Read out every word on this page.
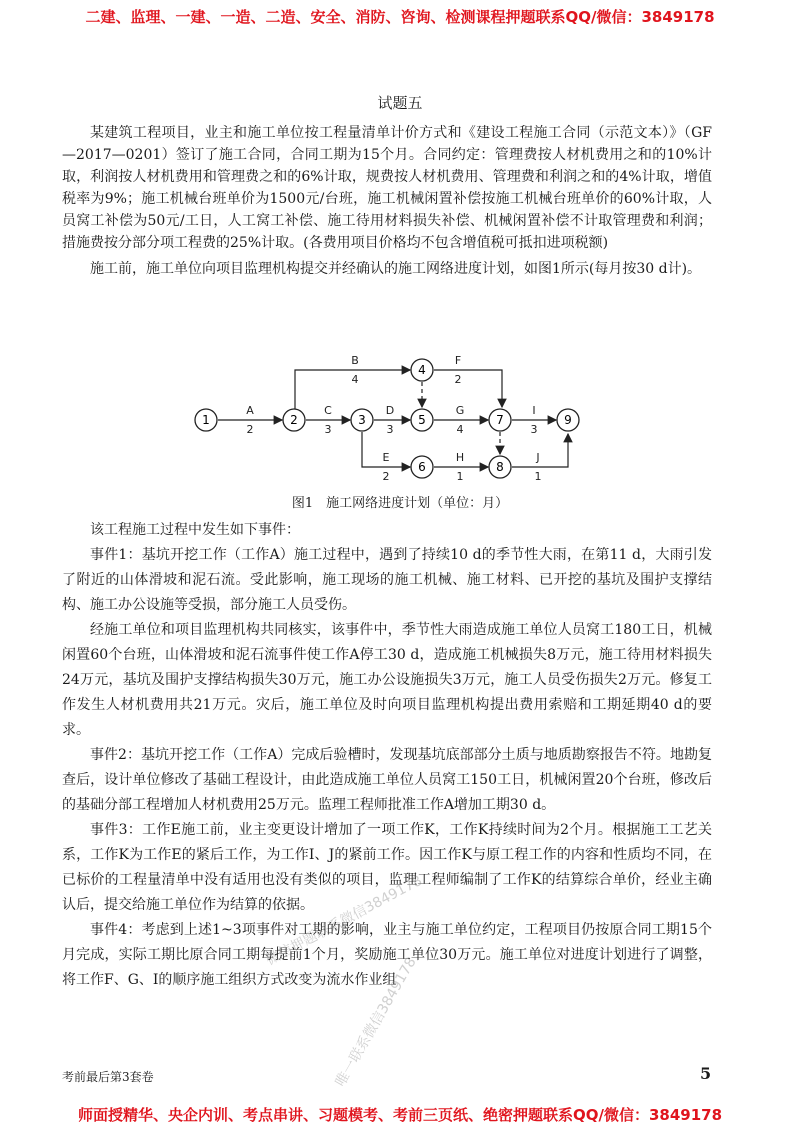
二建、监理、一建、一造、二造、安全、消防、咨询、检测课程押题联系QQ/微信：3849178
试题五

某建筑工程项目，业主和施工单位按工程量清单计价方式和《建设工程施工合同（示范文本）》（GF—2017—0201）签订了施工合同，合同工期为15个月。合同约定：管理费按人材机费用之和的10%计取，利润按人材机费用和管理费之和的6%计取，规费按人材机费用、管理费和利润之和的4%计取，增值税率为9%；施工机械台班单价为1500元/台班，施工机械闲置补偿按施工机械台班单价的60%计取，人员窝工补偿为50元/工日，人工窝工补偿、施工待用材料损失补偿、机械闲置补偿不计取管理费和利润；措施费按分部分项工程费的25%计取。(各费用项目价格均不包含增值税可抵扣进项税额)

施工前，施工单位向项目监理机构提交并经确认的施工网络进度计划，如图1所示(每月按30 d计)。

A
2
B
4
C
3
D
3
E
2
F
2
G
4
H
1
I
3
J
1
1	2	3
4
5
6
7
8
9
图1　施工网络进度计划（单位：月）

该工程施工过程中发生如下事件：

事件1：基坑开挖工作（工作A）施工过程中，遇到了持续10 d的季节性大雨，在第11 d，大雨引发了附近的山体滑坡和泥石流。受此影响，施工现场的施工机械、施工材料、已开挖的基坑及围护支撑结构、施工办公设施等受损，部分施工人员受伤。

经施工单位和项目监理机构共同核实，该事件中，季节性大雨造成施工单位人员窝工180工日，机械闲置60个台班，山体滑坡和泥石流事件使工作A停工30 d，造成施工机械损失8万元，施工待用材料损失24万元，基坑及围护支撑结构损失30万元，施工办公设施损失3万元，施工人员受伤损失2万元。修复工作发生人材机费用共21万元。灾后，施工单位及时向项目监理机构提出费用索赔和工期延期40 d的要求。

事件2：基坑开挖工作（工作A）完成后验槽时，发现基坑底部部分土质与地质勘察报告不符。地勘复查后，设计单位修改了基础工程设计，由此造成施工单位人员窝工150工日，机械闲置20个台班，修改后的基础分部工程增加人材机费用25万元。监理工程师批准工作A增加工期30 d。

事件3：工作E施工前，业主变更设计增加了一项工作K，工作K持续时间为2个月。根据施工工艺关系，工作K为工作E的紧后工作，为工作Ⅰ、J的紧前工作。因工作K与原工程工作的内容和性质均不同，在已标价的工程量清单中没有适用也没有类似的项目，监理工程师编制了工作K的结算综合单价，经业主确认后，提交给施工单位作为结算的依据。

事件4：考虑到上述1~3项事件对工期的影响，业主与施工单位约定，工程项目仍按原合同工期15个月完成，实际工期比原合同工期每提前1个月，奖励施工单位30万元。施工单位对进度计划进行了调整，将工作F、G、I的顺序施工组织方式改变为流水作业组

微信押题联系微信3849178
唯一联系微信3849178
考前最后第3套卷	5
师面授精华、央企内训、考点串讲、习题模考、考前三页纸、绝密押题联系QQ/微信：3849178
